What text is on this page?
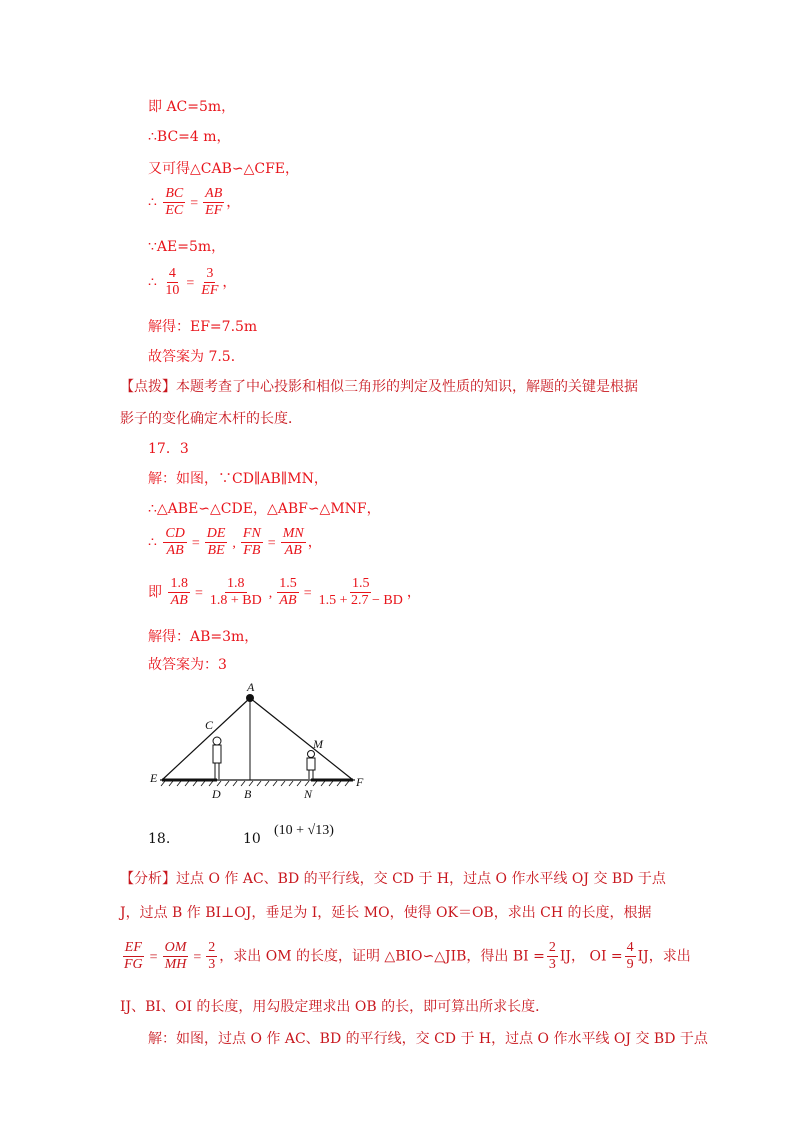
即 AC=5m，
∴BC=4 m，
又可得△CAB∽△CFE，
∴ $\frac{BC}{EC} = \frac{AB}{EF}$ ，
∵AE=5m，
∴ $\frac{4}{10} = \frac{3}{EF}$ ，
解得：EF=7.5m
故答案为 7.5．
【点拨】本题考查了中心投影和相似三角形的判定及性质的知识，解题的关键是根据
影子的变化确定木杆的长度．
17．3
解：如图，∵CD∥AB∥MN，
∴△ABE∽△CDE，△ABF∽△MNF，
∴ $\frac{CD}{AB} = \frac{DE}{BE}$ , $\frac{FN}{FB} = \frac{MN}{AB}$ ，
即 $\frac{1.8}{AB} = \frac{1.8}{1.8 + BD}$ , $\frac{1.5}{AB} = \frac{1.5}{1.5 + 2.7 - BD}$ ，
解得：AB=3m，
故答案为：3
A
C
M
E
D B	N
F
18.	10
(10 + √13)
【分析】过点 O 作 AC、BD 的平行线，交 CD 于 H，过点 O 作水平线 OJ 交 BD 于点
J，过点 B 作 BI⊥OJ，垂足为 I，延长 MO，使得 OK＝OB，求出 CH 的长度，根据
$\frac{EF}{FG} = \frac{OM}{MH} = \frac{2}{3}$ ，求出 OM 的长度，证明 △BIO∽△JIB，得出 BI = $\frac{2}{3}$ IJ， OI = $\frac{4}{9}$ IJ，求出
IJ、BI、OI 的长度，用勾股定理求出 OB 的长，即可算出所求长度．
解：如图，过点 O 作 AC、BD 的平行线，交 CD 于 H，过点 O 作水平线 OJ 交 BD 于点
